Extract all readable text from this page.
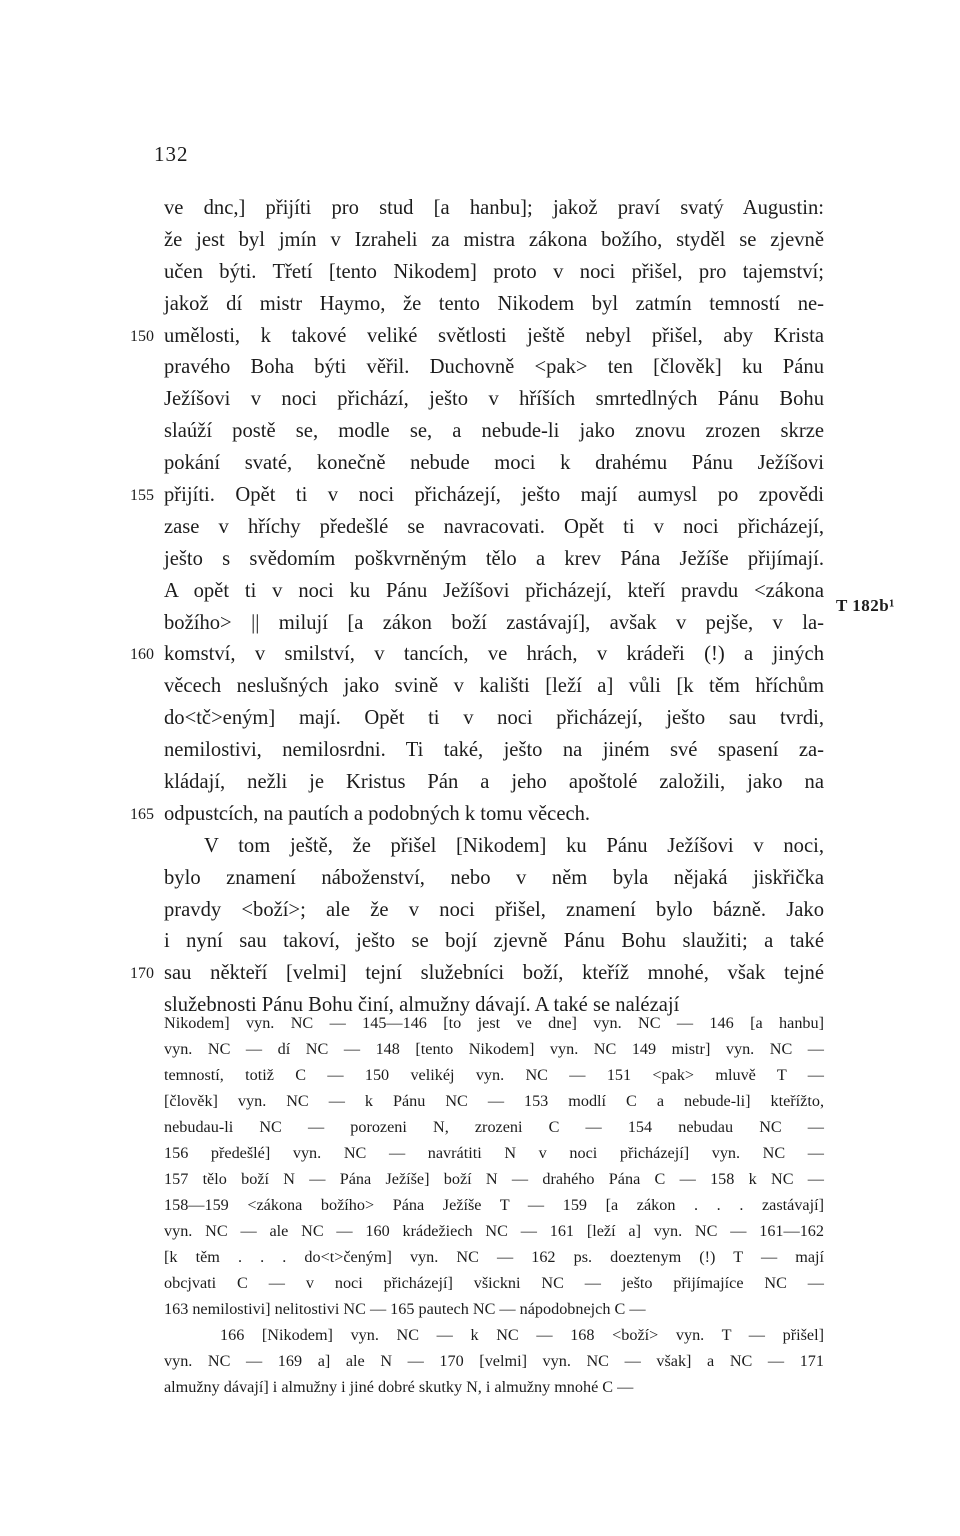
132
T 182b¹
ve dnc,] přijíti pro stud [a hanbu]; jakož praví svatý Augustin:
že jest byl jmín v Izraheli za mistra zákona božího, styděl se zjevně
učen býti. Třetí [tento Nikodem] proto v noci přišel, pro tajemství;
jakož dí mistr Haymo, že tento Nikodem byl zatmín temností ne-
150 umělosti, k takové veliké světlosti ještě nebyl přišel, aby Krista
pravého Boha býti věřil. Duchovně <pak> ten [člověk] ku Pánu
Ježíšovi v noci přichází, ješto v hříších smrtedlných Pánu Bohu
slaúží postě se, modle se, a nebude-li jako znovu zrozen skrze
pokání svaté, konečně nebude moci k drahému Pánu Ježíšovi
155 přijíti. Opět ti v noci přicházejí, ješto mají aumysl po zpovědi
zase v hříchy předešlé se navracovati. Opět ti v noci přicházejí,
ješto s svědomím poškvrněným tělo a krev Pána Ježíše přijímají.
A opět ti v noci ku Pánu Ježíšovi přicházejí, kteří pravdu <zákona
božího> || milují [a zákon boží zastávají], avšak v pejše, v la-
160 komství, v smilství, v tancích, ve hrách, v krádeři (!) a jiných
věcech neslušných jako svině v kališti [leží a] vůli [k těm hříchům
do<tč>eným] mají. Opět ti v noci přicházejí, ješto sau tvrdi,
nemilostivi, nemilosrdni. Ti také, ješto na jiném své spasení za-
kládají, nežli je Kristus Pán a jeho apoštolé založili, jako na
165 odpustcích, na pautích a podobných k tomu věcech.
V tom ještě, že přišel [Nikodem] ku Pánu Ježíšovi v noci,
bylo znamení náboženství, nebo v něm byla nějaká jiskřička
pravdy <boží>; ale že v noci přišel, znamení bylo bázně. Jako
i nyní sau takoví, ješto se bojí zjevně Pánu Bohu slaužiti; a také
170 sau někteří [velmi] tejní služebníci boží, kteříž mnohé, však tejné
služebnosti Pánu Bohu činí, almužny dávají. A také se nalézají
Nikodem] vyn. NC — 145—146 [to jest ve dne] vyn. NC — 146 [a hanbu]
vyn. NC — dí NC — 148 [tento Nikodem] vyn. NC 149 mistr] vyn. NC —
temností, totiž C — 150 velikéj vyn. NC — 151 <pak> mluvě T —
[člověk] vyn. NC — k Pánu NC — 153 modlí C a nebude-li] kteřížto,
nebudau-li NC — porozeni N, zrozeni C — 154 nebudau NC —
156 předešlé] vyn. NC — navrátiti N v noci přicházejí] vyn. NC —
157 tělo boží N — Pána Ježíše] boží N — drahého Pána C — 158 k NC —
158—159 <zákona božího> Pána Ježíše T — 159 [a zákon . . . zastávají]
vyn. NC — ale NC — 160 krádežiech NC — 161 [leží a] vyn. NC — 161—162
[k těm . . . do<t>čeným] vyn. NC — 162 ps. doeztenym (!) T — mají
obcjvati C — v noci přicházejí] všickni NC — ješto přijímajíce NC —
163 nemilostivi] nelitostivi NC — 165 pautech NC — nápodobnejch C —
166 [Nikodem] vyn. NC — k NC — 168 <boží> vyn. T — přišel]
vyn. NC — 169 a] ale N — 170 [velmi] vyn. NC — však] a NC — 171
almužny dávají] i almužny i jiné dobré skutky N, i almužny mnohé C —
